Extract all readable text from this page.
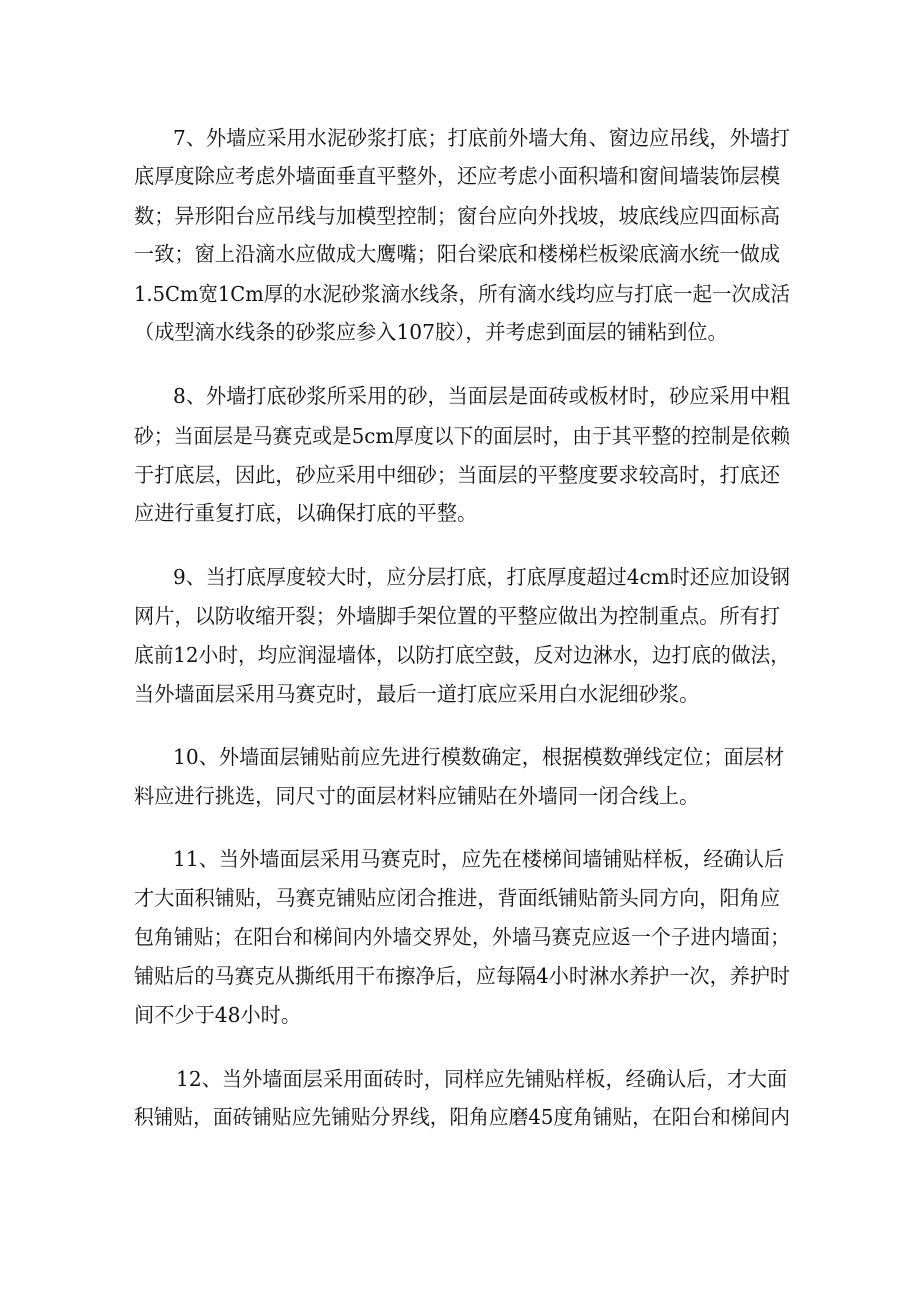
7、外墙应采用水泥砂浆打底；打底前外墙大角、窗边应吊线，外墙打

底厚度除应考虑外墙面垂直平整外，还应考虑小面积墙和窗间墙装饰层模

数；异形阳台应吊线与加模型控制；窗台应向外找坡，坡底线应四面标高

一致；窗上沿滴水应做成大鹰嘴；阳台梁底和楼梯栏板梁底滴水统一做成

1.5Cm宽1Cm厚的水泥砂浆滴水线条，所有滴水线均应与打底一起一次成活

（成型滴水线条的砂浆应参入107胶），并考虑到面层的铺粘到位。

8、外墙打底砂浆所采用的砂，当面层是面砖或板材时，砂应采用中粗

砂；当面层是马赛克或是5cm厚度以下的面层时，由于其平整的控制是依赖

于打底层，因此，砂应采用中细砂；当面层的平整度要求较高时，打底还

应进行重复打底，以确保打底的平整。

9、当打底厚度较大时，应分层打底，打底厚度超过4cm时还应加设钢

网片，以防收缩开裂；外墙脚手架位置的平整应做出为控制重点。所有打

底前12小时，均应润湿墙体，以防打底空鼓，反对边淋水，边打底的做法，

当外墙面层采用马赛克时，最后一道打底应采用白水泥细砂浆。

10、外墙面层铺贴前应先进行模数确定，根据模数弹线定位；面层材

料应进行挑选，同尺寸的面层材料应铺贴在外墙同一闭合线上。

11、当外墙面层采用马赛克时，应先在楼梯间墙铺贴样板，经确认后

才大面积铺贴，马赛克铺贴应闭合推进，背面纸铺贴箭头同方向，阳角应

包角铺贴；在阳台和梯间内外墙交界处，外墙马赛克应返一个子进内墙面；

铺贴后的马赛克从撕纸用干布擦净后，应每隔4小时淋水养护一次，养护时

间不少于48小时。

12、当外墙面层采用面砖时，同样应先铺贴样板，经确认后，才大面

积铺贴，面砖铺贴应先铺贴分界线，阳角应磨45度角铺贴，在阳台和梯间内
